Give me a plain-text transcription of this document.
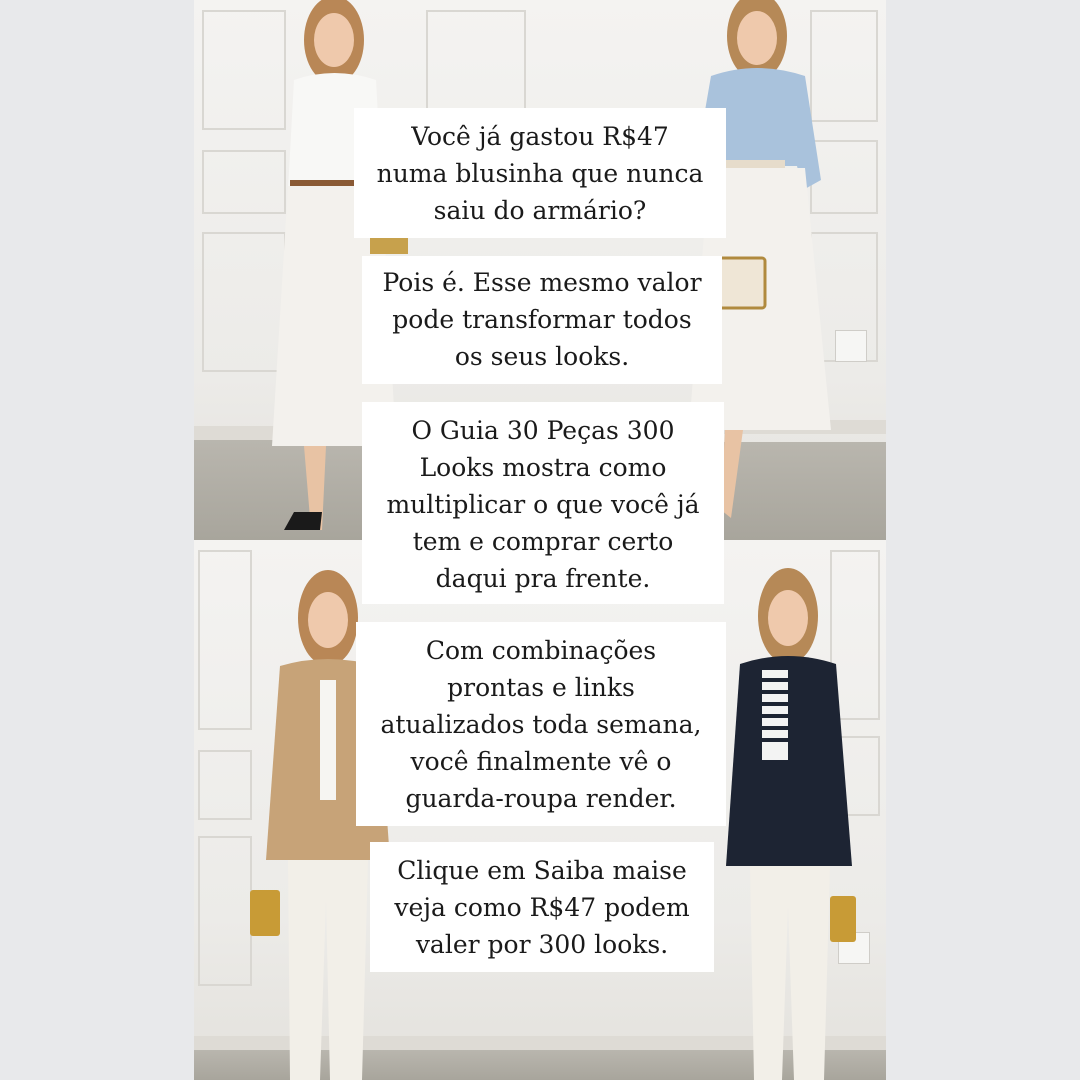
Você já gastou R$47
numa blusinha que nunca
saiu do armário?
Pois é. Esse mesmo valor
pode transformar todos
os seus looks.
O Guia 30 Peças 300
Looks mostra como
multiplicar o que você já
tem e comprar certo
daqui pra frente.
Com combinações
prontas e links
atualizados toda semana,
você finalmente vê o
guarda-roupa render.
Clique em Saiba maise
veja como R$47 podem
valer por 300 looks.
